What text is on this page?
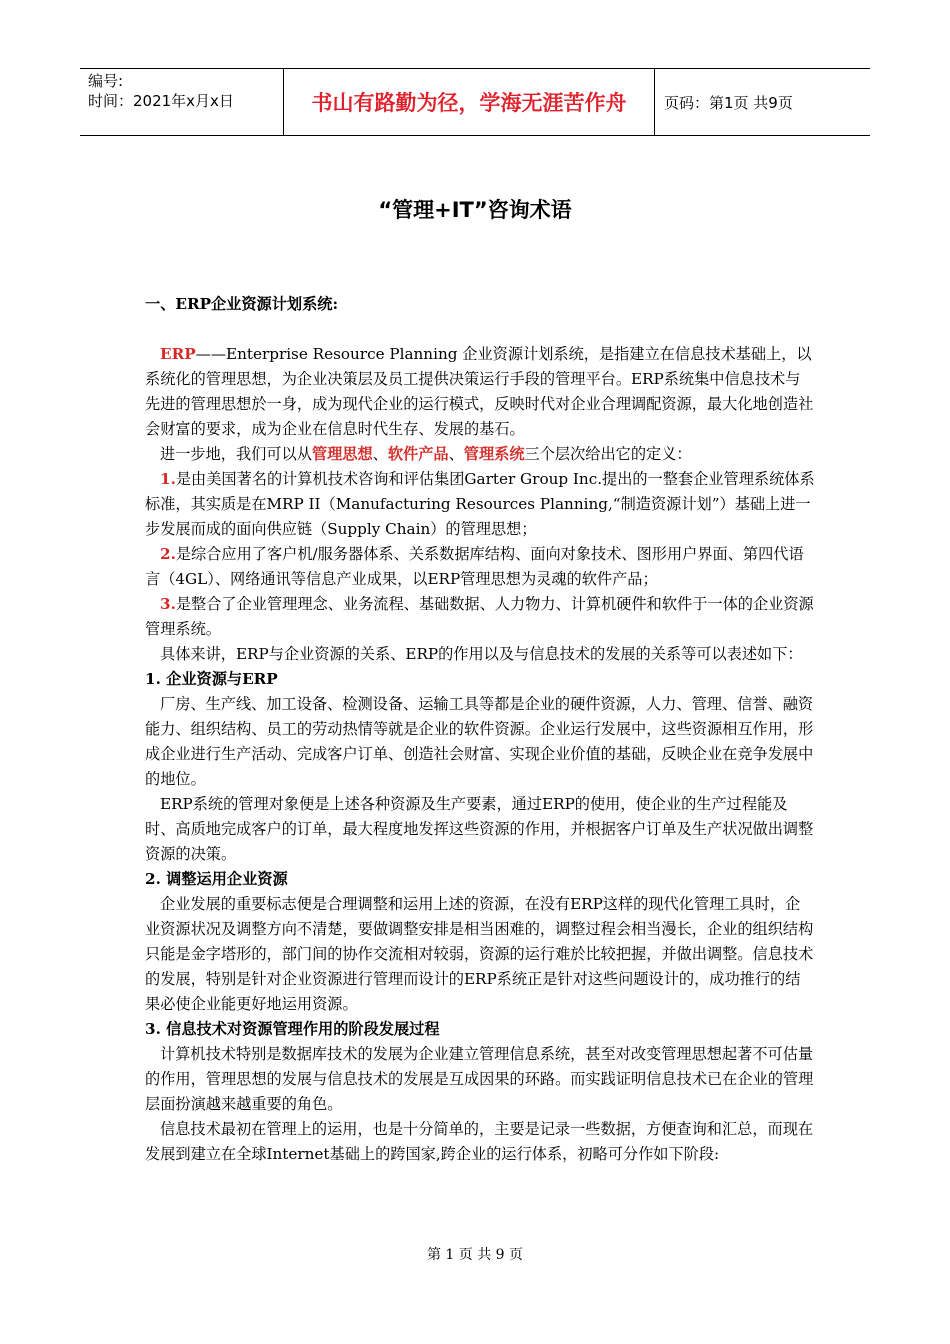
编号:
时间：2021年x月x日	书山有路勤为径，学海无涯苦作舟	页码：第1页 共9页
“管理+IT”咨询术语

一、ERP企业资源计划系统:

ERP——Enterprise Resource Planning 企业资源计划系统，是指建立在信息技术基础上，以系统化的管理思想，为企业决策层及员工提供决策运行手段的管理平台。ERP系统集中信息技术与先进的管理思想於一身，成为现代企业的运行模式，反映时代对企业合理调配资源，最大化地创造社会财富的要求，成为企业在信息时代生存、发展的基石。

进一步地，我们可以从管理思想、软件产品、管理系统三个层次给出它的定义：

1.是由美国著名的计算机技术咨询和评估集团Garter Group Inc.提出的一整套企业管理系统体系标准，其实质是在MRP II（Manufacturing Resources Planning,“制造资源计划”）基础上进一步发展而成的面向供应链（Supply Chain）的管理思想；

2.是综合应用了客户机/服务器体系、关系数据库结构、面向对象技术、图形用户界面、第四代语言（4GL）、网络通讯等信息产业成果，以ERP管理思想为灵魂的软件产品；

3.是整合了企业管理理念、业务流程、基础数据、人力物力、计算机硬件和软件于一体的企业资源管理系统。

具体来讲，ERP与企业资源的关系、ERP的作用以及与信息技术的发展的关系等可以表述如下：

1. 企业资源与ERP

厂房、生产线、加工设备、检测设备、运输工具等都是企业的硬件资源，人力、管理、信誉、融资能力、组织结构、员工的劳动热情等就是企业的软件资源。企业运行发展中，这些资源相互作用，形成企业进行生产活动、完成客户订单、创造社会财富、实现企业价值的基础，反映企业在竞争发展中的地位。

ERP系统的管理对象便是上述各种资源及生产要素，通过ERP的使用，使企业的生产过程能及时、高质地完成客户的订单，最大程度地发挥这些资源的作用，并根据客户订单及生产状况做出调整资源的决策。

2. 调整运用企业资源

企业发展的重要标志便是合理调整和运用上述的资源，在没有ERP这样的现代化管理工具时，企业资源状况及调整方向不清楚，要做调整安排是相当困难的，调整过程会相当漫长，企业的组织结构只能是金字塔形的，部门间的协作交流相对较弱，资源的运行难於比较把握，并做出调整。信息技术的发展，特别是针对企业资源进行管理而设计的ERP系统正是针对这些问题设计的，成功推行的结果必使企业能更好地运用资源。

3. 信息技术对资源管理作用的阶段发展过程

计算机技术特别是数据库技术的发展为企业建立管理信息系统，甚至对改变管理思想起著不可估量的作用，管理思想的发展与信息技术的发展是互成因果的环路。而实践证明信息技术已在企业的管理层面扮演越来越重要的角色。

信息技术最初在管理上的运用，也是十分简单的，主要是记录一些数据，方便查询和汇总，而现在发展到建立在全球Internet基础上的跨国家,跨企业的运行体系，初略可分作如下阶段:

第 1 页 共 9 页
